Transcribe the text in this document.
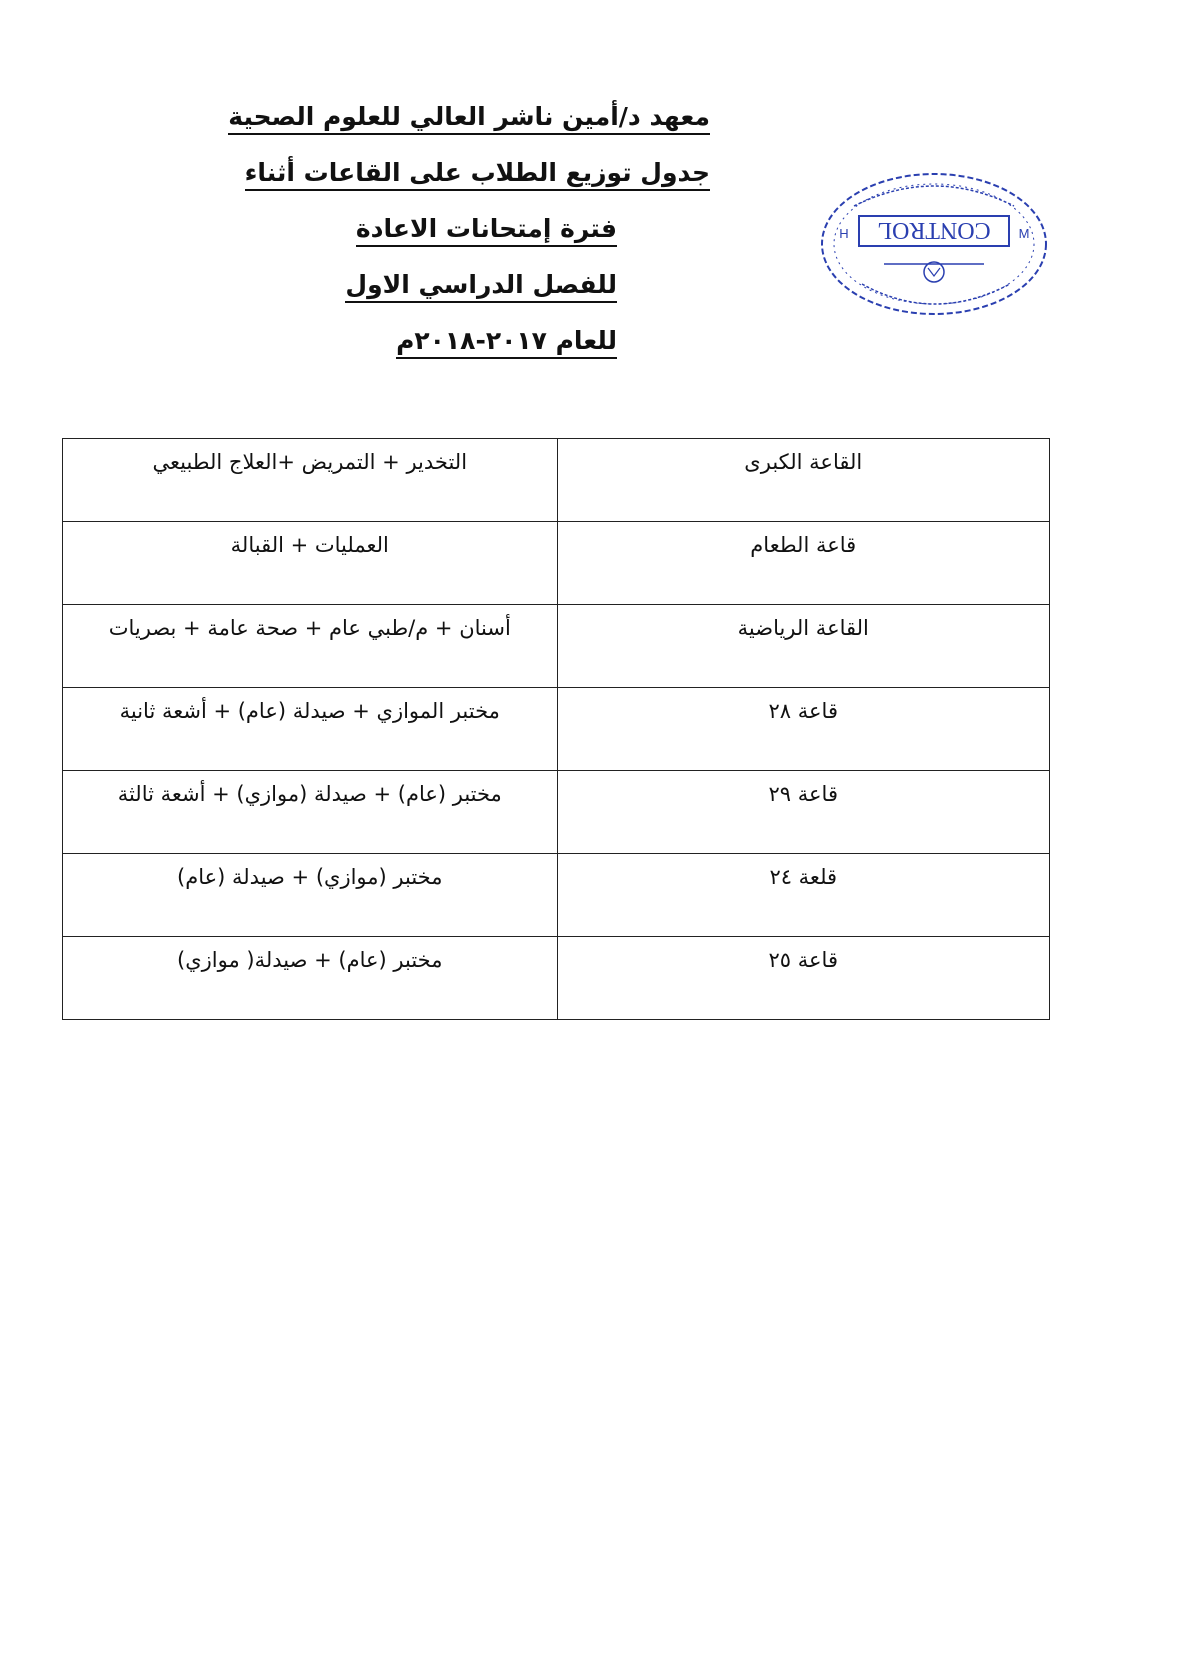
معهد د/أمين ناشر العالي للعلوم الصحية
جدول توزيع الطلاب على القاعات أثناء
فترة إمتحانات الاعادة
للفصل الدراسي الاول
للعام ٢٠١٧-٢٠١٨م
CONTROL
H	M
القاعة الكبرى	التخدير + التمريض +العلاج الطبيعي
قاعة الطعام	العمليات + القبالة
القاعة الرياضية	أسنان + م/طبي عام + صحة عامة + بصريات
قاعة ٢٨	مختبر الموازي + صيدلة (عام) + أشعة ثانية
قاعة ٢٩	مختبر (عام) + صيدلة (موازي) + أشعة ثالثة
قلعة ٢٤	مختبر (موازي) + صيدلة (عام)
قاعة ٢٥	مختبر (عام) + صيدلة( موازي)
